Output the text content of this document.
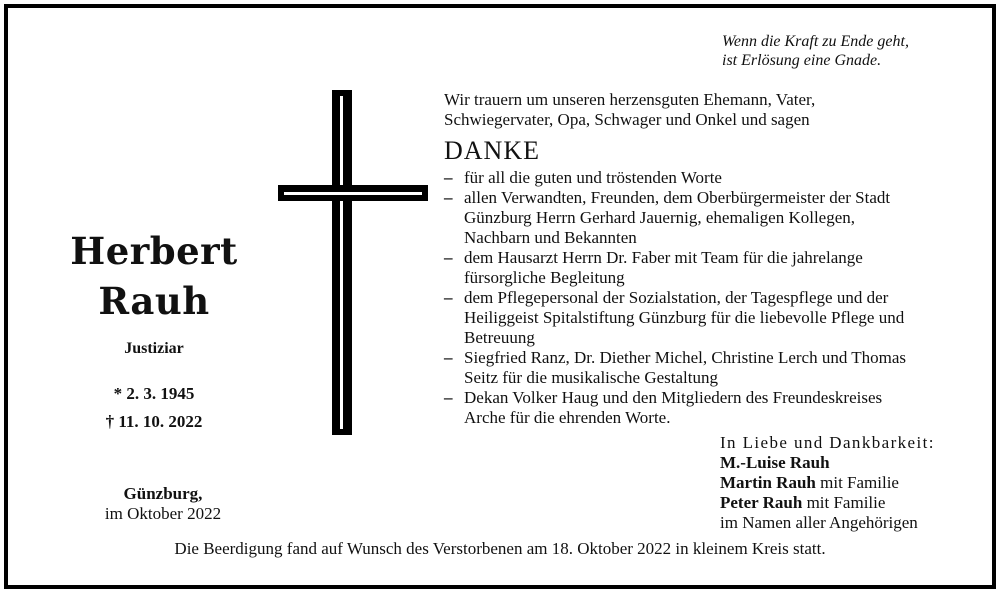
Wenn die Kraft zu Ende geht,
ist Erlösung eine Gnade.
Herbert
Rauh
Justiziar
* 2. 3. 1945
† 11. 10. 2022
Günzburg,
im Oktober 2022
Wir trauern um unseren herzensguten Ehemann, Vater,
Schwiegervater, Opa, Schwager und Onkel und sagen
DANKE
– für all die guten und tröstenden Worte
– allen Verwandten, Freunden, dem Oberbürgermeister der Stadt
Günzburg Herrn Gerhard Jauernig, ehemaligen Kollegen,
Nachbarn und Bekannten
– dem Hausarzt Herrn Dr. Faber mit Team für die jahrelange
fürsorgliche Begleitung
– dem Pflegepersonal der Sozialstation, der Tagespflege und der
Heiliggeist Spitalstiftung Günzburg für die liebevolle Pflege und
Betreuung
– Siegfried Ranz, Dr. Diether Michel, Christine Lerch und Thomas
Seitz für die musikalische Gestaltung
– Dekan Volker Haug und den Mitgliedern des Freundeskreises
Arche für die ehrenden Worte.
In Liebe und Dankbarkeit:
M.-Luise Rauh
Martin Rauh mit Familie
Peter Rauh mit Familie
im Namen aller Angehörigen
Die Beerdigung fand auf Wunsch des Verstorbenen am 18. Oktober 2022 in kleinem Kreis statt.
